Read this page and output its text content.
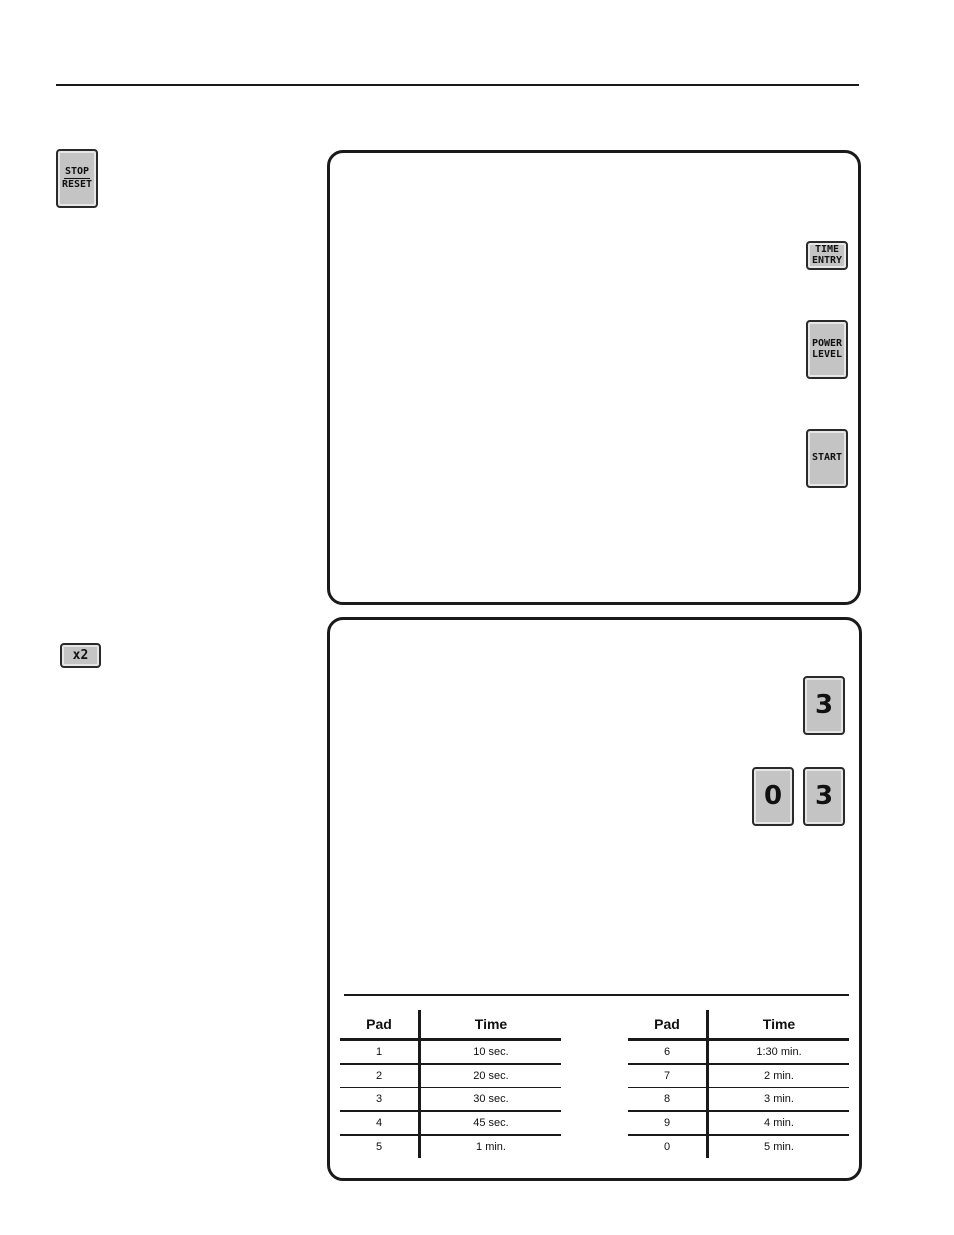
STOP
RESET
x2
TIME
ENTRY
POWER
LEVEL
START
3
0 3
Pad	Time
1	10 sec.
2	20 sec.
3	30 sec.
4	45 sec.
5	1 min.
Pad	Time
6	1:30 min.
7	2 min.
8	3 min.
9	4 min.
0	5 min.
